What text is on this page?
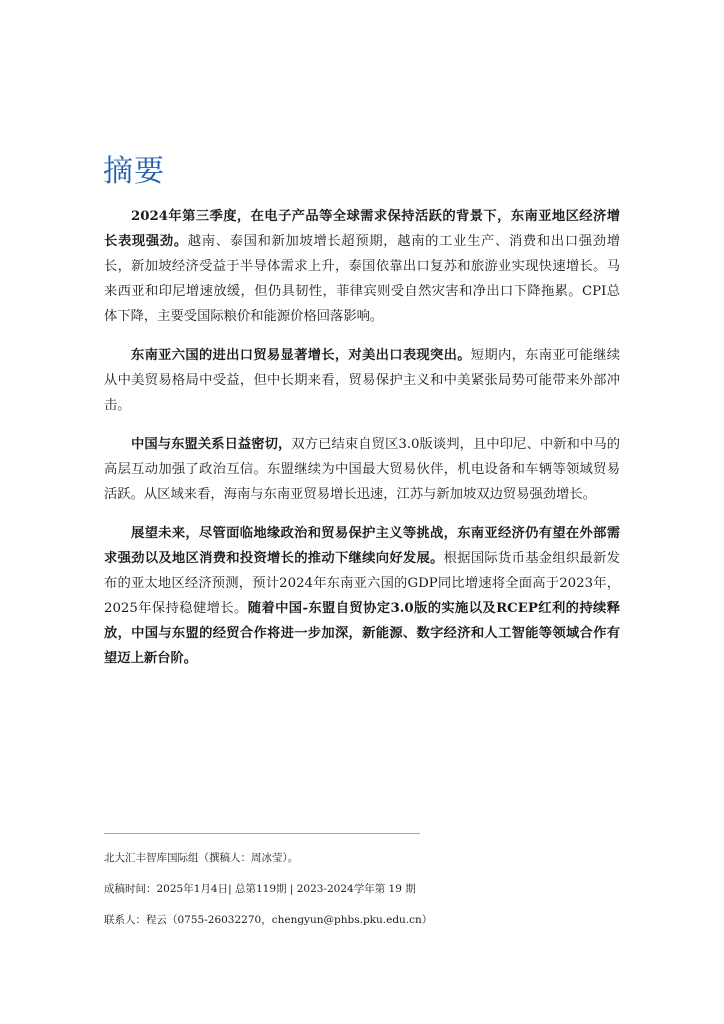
摘要

2024年第三季度，在电子产品等全球需求保持活跃的背景下，东南亚地区经济增长表现强劲。越南、泰国和新加坡增长超预期，越南的工业生产、消费和出口强劲增长，新加坡经济受益于半导体需求上升，泰国依靠出口复苏和旅游业实现快速增长。马来西亚和印尼增速放缓，但仍具韧性，菲律宾则受自然灾害和净出口下降拖累。CPI总体下降，主要受国际粮价和能源价格回落影响。

东南亚六国的进出口贸易显著增长，对美出口表现突出。短期内，东南亚可能继续从中美贸易格局中受益，但中长期来看，贸易保护主义和中美紧张局势可能带来外部冲击。

中国与东盟关系日益密切，双方已结束自贸区3.0版谈判，且中印尼、中新和中马的高层互动加强了政治互信。东盟继续为中国最大贸易伙伴，机电设备和车辆等领域贸易活跃。从区域来看，海南与东南亚贸易增长迅速，江苏与新加坡双边贸易强劲增长。

展望未来，尽管面临地缘政治和贸易保护主义等挑战，东南亚经济仍有望在外部需求强劲以及地区消费和投资增长的推动下继续向好发展。根据国际货币基金组织最新发布的亚太地区经济预测，预计2024年东南亚六国的GDP同比增速将全面高于2023年，2025年保持稳健增长。随着中国-东盟自贸协定3.0版的实施以及RCEP红利的持续释放，中国与东盟的经贸合作将进一步加深，新能源、数字经济和人工智能等领域合作有望迈上新台阶。

北大汇丰智库国际组（撰稿人：周冰莹）。

成稿时间：2025年1月4日| 总第119期 | 2023-2024学年第 19 期

联系人：程云（0755-26032270，chengyun@phbs.pku.edu.cn）
